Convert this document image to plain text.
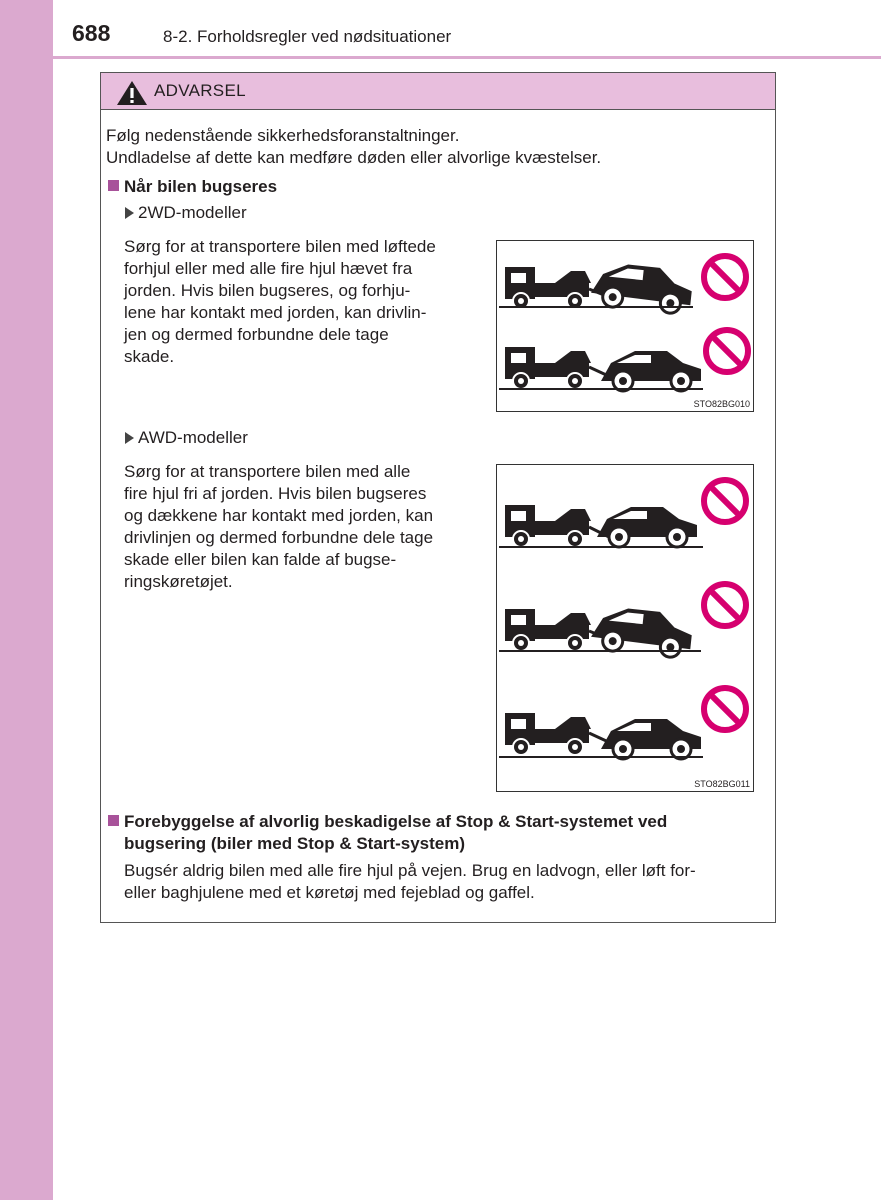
688	8-2. Forholdsregler ved nødsituationer
ADVARSEL
Følg nedenstående sikkerhedsforanstaltninger.
Undladelse af dette kan medføre døden eller alvorlige kvæstelser.
Når bilen bugseres
2WD-modeller
Sørg for at transportere bilen med løftede
forhjul eller med alle fire hjul hævet fra
jorden. Hvis bilen bugseres, og forhju-
lene har kontakt med jorden, kan drivlin-
jen og dermed forbundne dele tage
skade.
STO82BG010
AWD-modeller
Sørg for at transportere bilen med alle
fire hjul fri af jorden. Hvis bilen bugseres
og dækkene har kontakt med jorden, kan
drivlinjen og dermed forbundne dele tage
skade eller bilen kan falde af bugse-
ringskøretøjet.
STO82BG011
Forebyggelse af alvorlig beskadigelse af Stop & Start-systemet ved
bugsering (biler med Stop & Start-system)
Bugsér aldrig bilen med alle fire hjul på vejen. Brug en ladvogn, eller løft for-
eller baghjulene med et køretøj med fejeblad og gaffel.
